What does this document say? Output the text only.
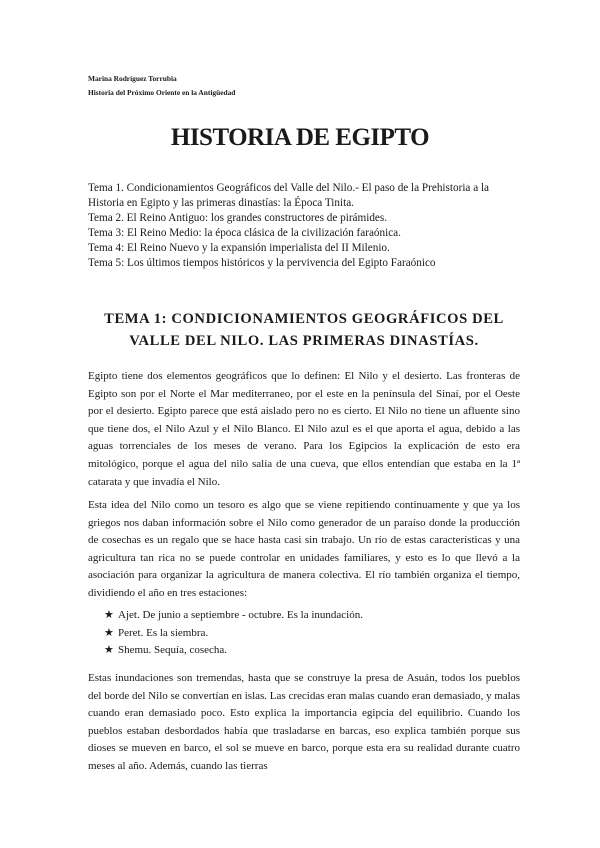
Marina Rodríguez Torrubia
Historia del Próximo Oriente en la Antigüedad
HISTORIA DE EGIPTO
Tema 1. Condicionamientos Geográficos del Valle del Nilo.- El paso de la Prehistoria a la Historia en Egipto y las primeras dinastías: la Época Tinita.
Tema 2. El Reino Antiguo: los grandes constructores de pirámides.
Tema 3: El Reino Medio: la época clásica de la civilización faraónica.
Tema 4: El Reino Nuevo y la expansión imperialista del II Milenio.
Tema 5: Los últimos tiempos históricos y la pervivencia del Egipto Faraónico
TEMA 1: CONDICIONAMIENTOS GEOGRÁFICOS DEL VALLE DEL NILO. LAS PRIMERAS DINASTÍAS.
Egipto tiene dos elementos geográficos que lo definen: El Nilo y el desierto. Las fronteras de Egipto son por el Norte el Mar mediterraneo, por el este en la península del Sinaí, por el Oeste por el desierto. Egipto parece que está aislado pero no es cierto. El Nilo no tiene un afluente sino que tiene dos, el Nilo Azul y el Nilo Blanco. El Nilo azul es el que aporta el agua, debido a las aguas torrenciales de los meses de verano. Para los Egipcios la explicación de esto era mitológico, porque el agua del nilo salía de una cueva, que ellos entendían que estaba en la 1ª catarata y que invadía el Nilo.
Esta idea del Nilo como un tesoro es algo que se viene repitiendo continuamente y que ya los griegos nos daban información sobre el Nilo como generador de un paraíso donde la producción de cosechas es un regalo que se hace hasta casi sin trabajo. Un río de estas características y una agricultura tan rica no se puede controlar en unidades familiares, y esto es lo que llevó a la asociación para organizar la agricultura de manera colectiva. El río también organiza el tiempo, dividiendo el año en tres estaciones:
★ Ajet. De junio a septiembre - octubre. Es la inundación.
★ Peret. Es la siembra.
★ Shemu. Sequía, cosecha.
Estas inundaciones son tremendas, hasta que se construye la presa de Asuán, todos los pueblos del borde del Nilo se convertían en islas. Las crecidas eran malas cuando eran demasiado, y malas cuando eran demasiado poco. Esto explica la importancia egipcia del equilibrio. Cuando los pueblos estaban desbordados había que trasladarse en barcas, eso explica también porque sus dioses se mueven en barco, el sol se mueve en barco, porque esta era su realidad durante cuatro meses al año. Además, cuando las tierras
